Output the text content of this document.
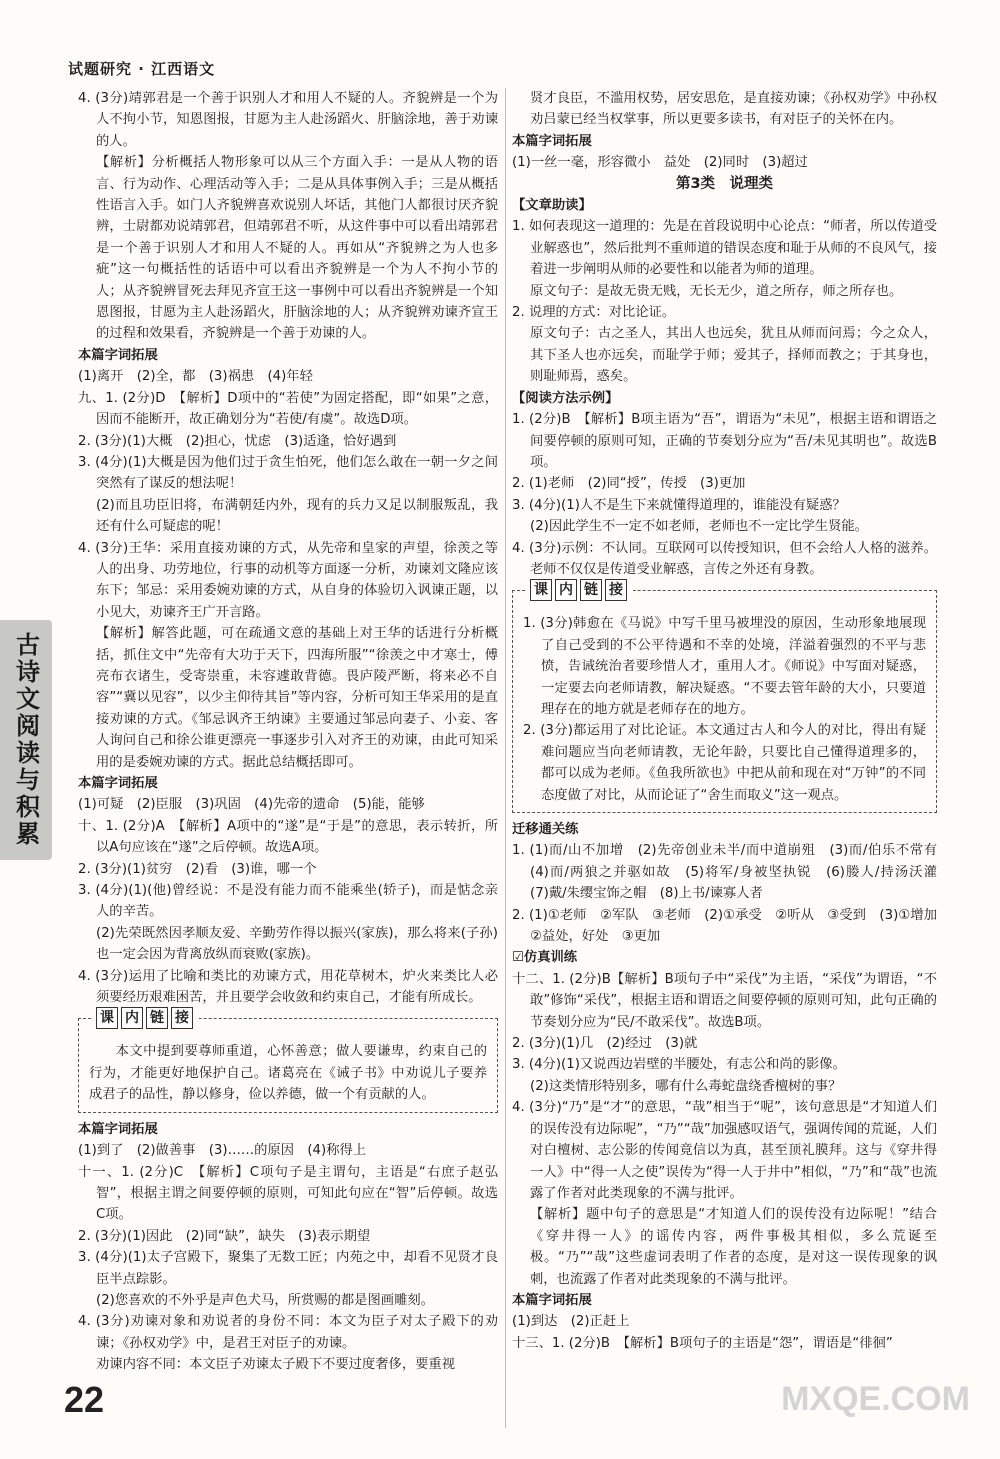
试题研究 · 江西语文
古诗文阅读与积累

4. (3分)靖郭君是一个善于识别人才和用人不疑的人。齐貌辨是一个为人不拘小节，知恩图报，甘愿为主人赴汤蹈火、肝脑涂地，善于劝谏的人。

【解析】分析概括人物形象可以从三个方面入手：一是从人物的语言、行为动作、心理活动等入手；二是从具体事例入手；三是从概括性语言入手。如门人齐貌辨喜欢说别人坏话，其他门人都很讨厌齐貌辨，士尉都劝说靖郭君，但靖郭君不听，从这件事中可以看出靖郭君是一个善于识别人才和用人不疑的人。再如从“齐貌辨之为人也多疵”这一句概括性的话语中可以看出齐貌辨是一个为人不拘小节的人；从齐貌辨冒死去拜见齐宣王这一事例中可以看出齐貌辨是一个知恩图报，甘愿为主人赴汤蹈火，肝脑涂地的人；从齐貌辨劝谏齐宣王的过程和效果看，齐貌辨是一个善于劝谏的人。

本篇字词拓展

(1)离开　(2)全，都　(3)祸患　(4)年轻

九、1. (2分)D　【解析】D项中的“若使”为固定搭配，即“如果”之意，因而不能断开，故正确划分为“若使/有虞”。故选D项。

2. (3分)(1)大概　(2)担心，忧虑　(3)适逢，恰好遇到

3. (4分)(1)大概是因为他们过于贪生怕死，他们怎么敢在一朝一夕之间突然有了谋反的想法呢！

(2)而且功臣旧将，布满朝廷内外，现有的兵力又足以制服叛乱，我还有什么可疑虑的呢！

4. (3分)王华：采用直接劝谏的方式，从先帝和皇家的声望，徐羡之等人的出身、功劳地位，行事的动机等方面逐一分析，劝谏刘文隆应该东下；邹忌：采用委婉劝谏的方式，从自身的体验切入讽谏正题，以小见大，劝谏齐王广开言路。

【解析】解答此题，可在疏通文意的基础上对王华的话进行分析概括，抓住文中“先帝有大功于天下，四海所服”“徐羡之中才寒士，傅亮布衣诸生，受寄崇重，未容遽敢背德。畏庐陵严断，将来必不自容”“冀以见容”，以少主仰待其旨”等内容，分析可知王华采用的是直接劝谏的方式。《邹忌讽齐王纳谏》主要通过邹忌向妻子、小妾、客人询问自己和徐公谁更漂亮一事逐步引入对齐王的劝谏，由此可知采用的是委婉劝谏的方式。据此总结概括即可。

本篇字词拓展

(1)可疑　(2)臣服　(3)巩固　(4)先帝的遗命　(5)能，能够

十、1. (2分)A　【解析】A项中的“遂”是“于是”的意思，表示转折，所以A句应该在“遂”之后停顿。故选A项。

2. (3分)(1)贫穷　(2)看　(3)谁，哪一个

3. (4分)(1)(他)曾经说：不是没有能力而不能乘坐(轿子)，而是惦念亲人的辛苦。

(2)先荣既然因孝顺友爱、辛勤劳作得以振兴(家族)，那么将来(子孙)也一定会因为背离放纵而衰败(家族)。

4. (3分)运用了比喻和类比的劝谏方式，用花草树木，炉火来类比人必须要经历艰难困苦，并且要学会收敛和约束自己，才能有所成长。

课 内 链 接

本文中提到要尊师重道，心怀善意；做人要谦卑，约束自己的行为，才能更好地保护自己。诸葛亮在《诫子书》中劝说儿子要养成君子的品性，静以修身，俭以养德，做一个有贡献的人。

本篇字词拓展

(1)到了　(2)做善事　(3)……的原因　(4)称得上

十一、1. (2分)C　【解析】C项句子是主谓句，主语是“右庶子赵弘智”，根据主谓之间要停顿的原则，可知此句应在“智”后停顿。故选C项。

2. (3分)(1)因此　(2)同“缺”，缺失　(3)表示期望

3. (4分)(1)太子宫殿下，聚集了无数工匠；内苑之中，却看不见贤才良臣半点踪影。

(2)您喜欢的不外乎是声色犬马，所赏赐的都是图画雕刻。

4. (3分)劝谏对象和劝说者的身份不同：本文为臣子对太子殿下的劝谏；《孙权劝学》中，是君王对臣子的劝谏。

劝谏内容不同：本文臣子劝谏太子殿下不要过度奢侈，要重视

贤才良臣，不滥用权势，居安思危，是直接劝谏；《孙权劝学》中孙权劝吕蒙已经当权掌事，所以更要多读书，有对臣子的关怀在内。

本篇字词拓展

(1)一丝一毫，形容微小　益处　(2)同时　(3)超过

第3类　说理类

【文章助读】

1. 如何表现这一道理的：先是在首段说明中心论点：“师者，所以传道受业解惑也”，然后批判不重师道的错误态度和耻于从师的不良风气，接着进一步阐明从师的必要性和以能者为师的道理。

原文句子：是故无贵无贱，无长无少，道之所存，师之所存也。

2. 说理的方式：对比论证。

原文句子：古之圣人，其出人也远矣，犹且从师而问焉；今之众人，其下圣人也亦远矣，而耻学于师；爱其子，择师而教之；于其身也，则耻师焉，惑矣。

【阅读方法示例】

1. (2分)B　【解析】B项主语为“吾”，谓语为“未见”，根据主语和谓语之间要停顿的原则可知，正确的节奏划分应为“吾/未见其明也”。故选B项。

2. (1)老师　(2)同“授”，传授　(3)更加

3. (4分)(1)人不是生下来就懂得道理的，谁能没有疑惑？

(2)因此学生不一定不如老师，老师也不一定比学生贤能。

4. (3分)示例：不认同。互联网可以传授知识，但不会给人人格的滋养。老师不仅仅是传道受业解惑，言传之外还有身教。

课 内 链 接

1. (3分)韩愈在《马说》中写千里马被埋没的原因，生动形象地展现了自己受到的不公平待遇和不幸的处境，洋溢着强烈的不平与悲愤，告诫统治者要珍惜人才，重用人才。《师说》中写面对疑惑，一定要去向老师请教，解决疑惑。“不要去管年龄的大小，只要道理存在的地方就是老师存在的地方。

2. (3分)都运用了对比论证。本文通过古人和今人的对比，得出有疑难问题应当向老师请教，无论年龄，只要比自己懂得道理多的，都可以成为老师。《鱼我所欲也》中把从前和现在对“万钟”的不同态度做了对比，从而论证了“舍生而取义”这一观点。

迁移通关练

1. (1)而/山不加增　(2)先帝创业未半/而中道崩殂　(3)而/伯乐不常有　(4)而/两狼之并驱如故　(5)将军/身被坚执锐　(6)媵人/持汤沃灌　(7)戴/朱缨宝饰之帽　(8)上书/谏寡人者

2. (1)①老师　②军队　③老师　(2)①承受　②听从　③受到　(3)①增加　②益处，好处　③更加

☑仿真训练

十二、1. (2分)B【解析】B项句子中“采伐”为主语，“采伐”为谓语，“不敢”修饰“采伐”，根据主语和谓语之间要停顿的原则可知，此句正确的节奏划分应为“民/不敢采伐”。故选B项。

2. (3分)(1)几　(2)经过　(3)就

3. (4分)(1)又说西边岩壁的半腰处，有志公和尚的影像。

(2)这类情形特别多，哪有什么毒蛇盘绕香檀树的事？

4. (3分)“乃”是“才”的意思，“哉”相当于“呢”，该句意思是“才知道人们的误传没有边际呢”，“乃”“哉”加强感叹语气，强调传闻的荒诞，人们对白檀树、志公影的传闻竟信以为真，甚至顶礼膜拜。这与《穿井得一人》中“得一人之使”误传为“得一人于井中”相似，“乃”和“哉”也流露了作者对此类现象的不满与批评。

【解析】题中句子的意思是“才知道人们的误传没有边际呢！”结合《穿井得一人》的谣传内容，两件事极其相似，多么荒诞至极。“乃”“哉”这些虚词表明了作者的态度，是对这一误传现象的讽刺，也流露了作者对此类现象的不满与批评。

本篇字词拓展

(1)到达　(2)正赶上

十三、1. (2分)B　【解析】B项句子的主语是“怨”，谓语是“徘徊”

22	MXQE.COM
